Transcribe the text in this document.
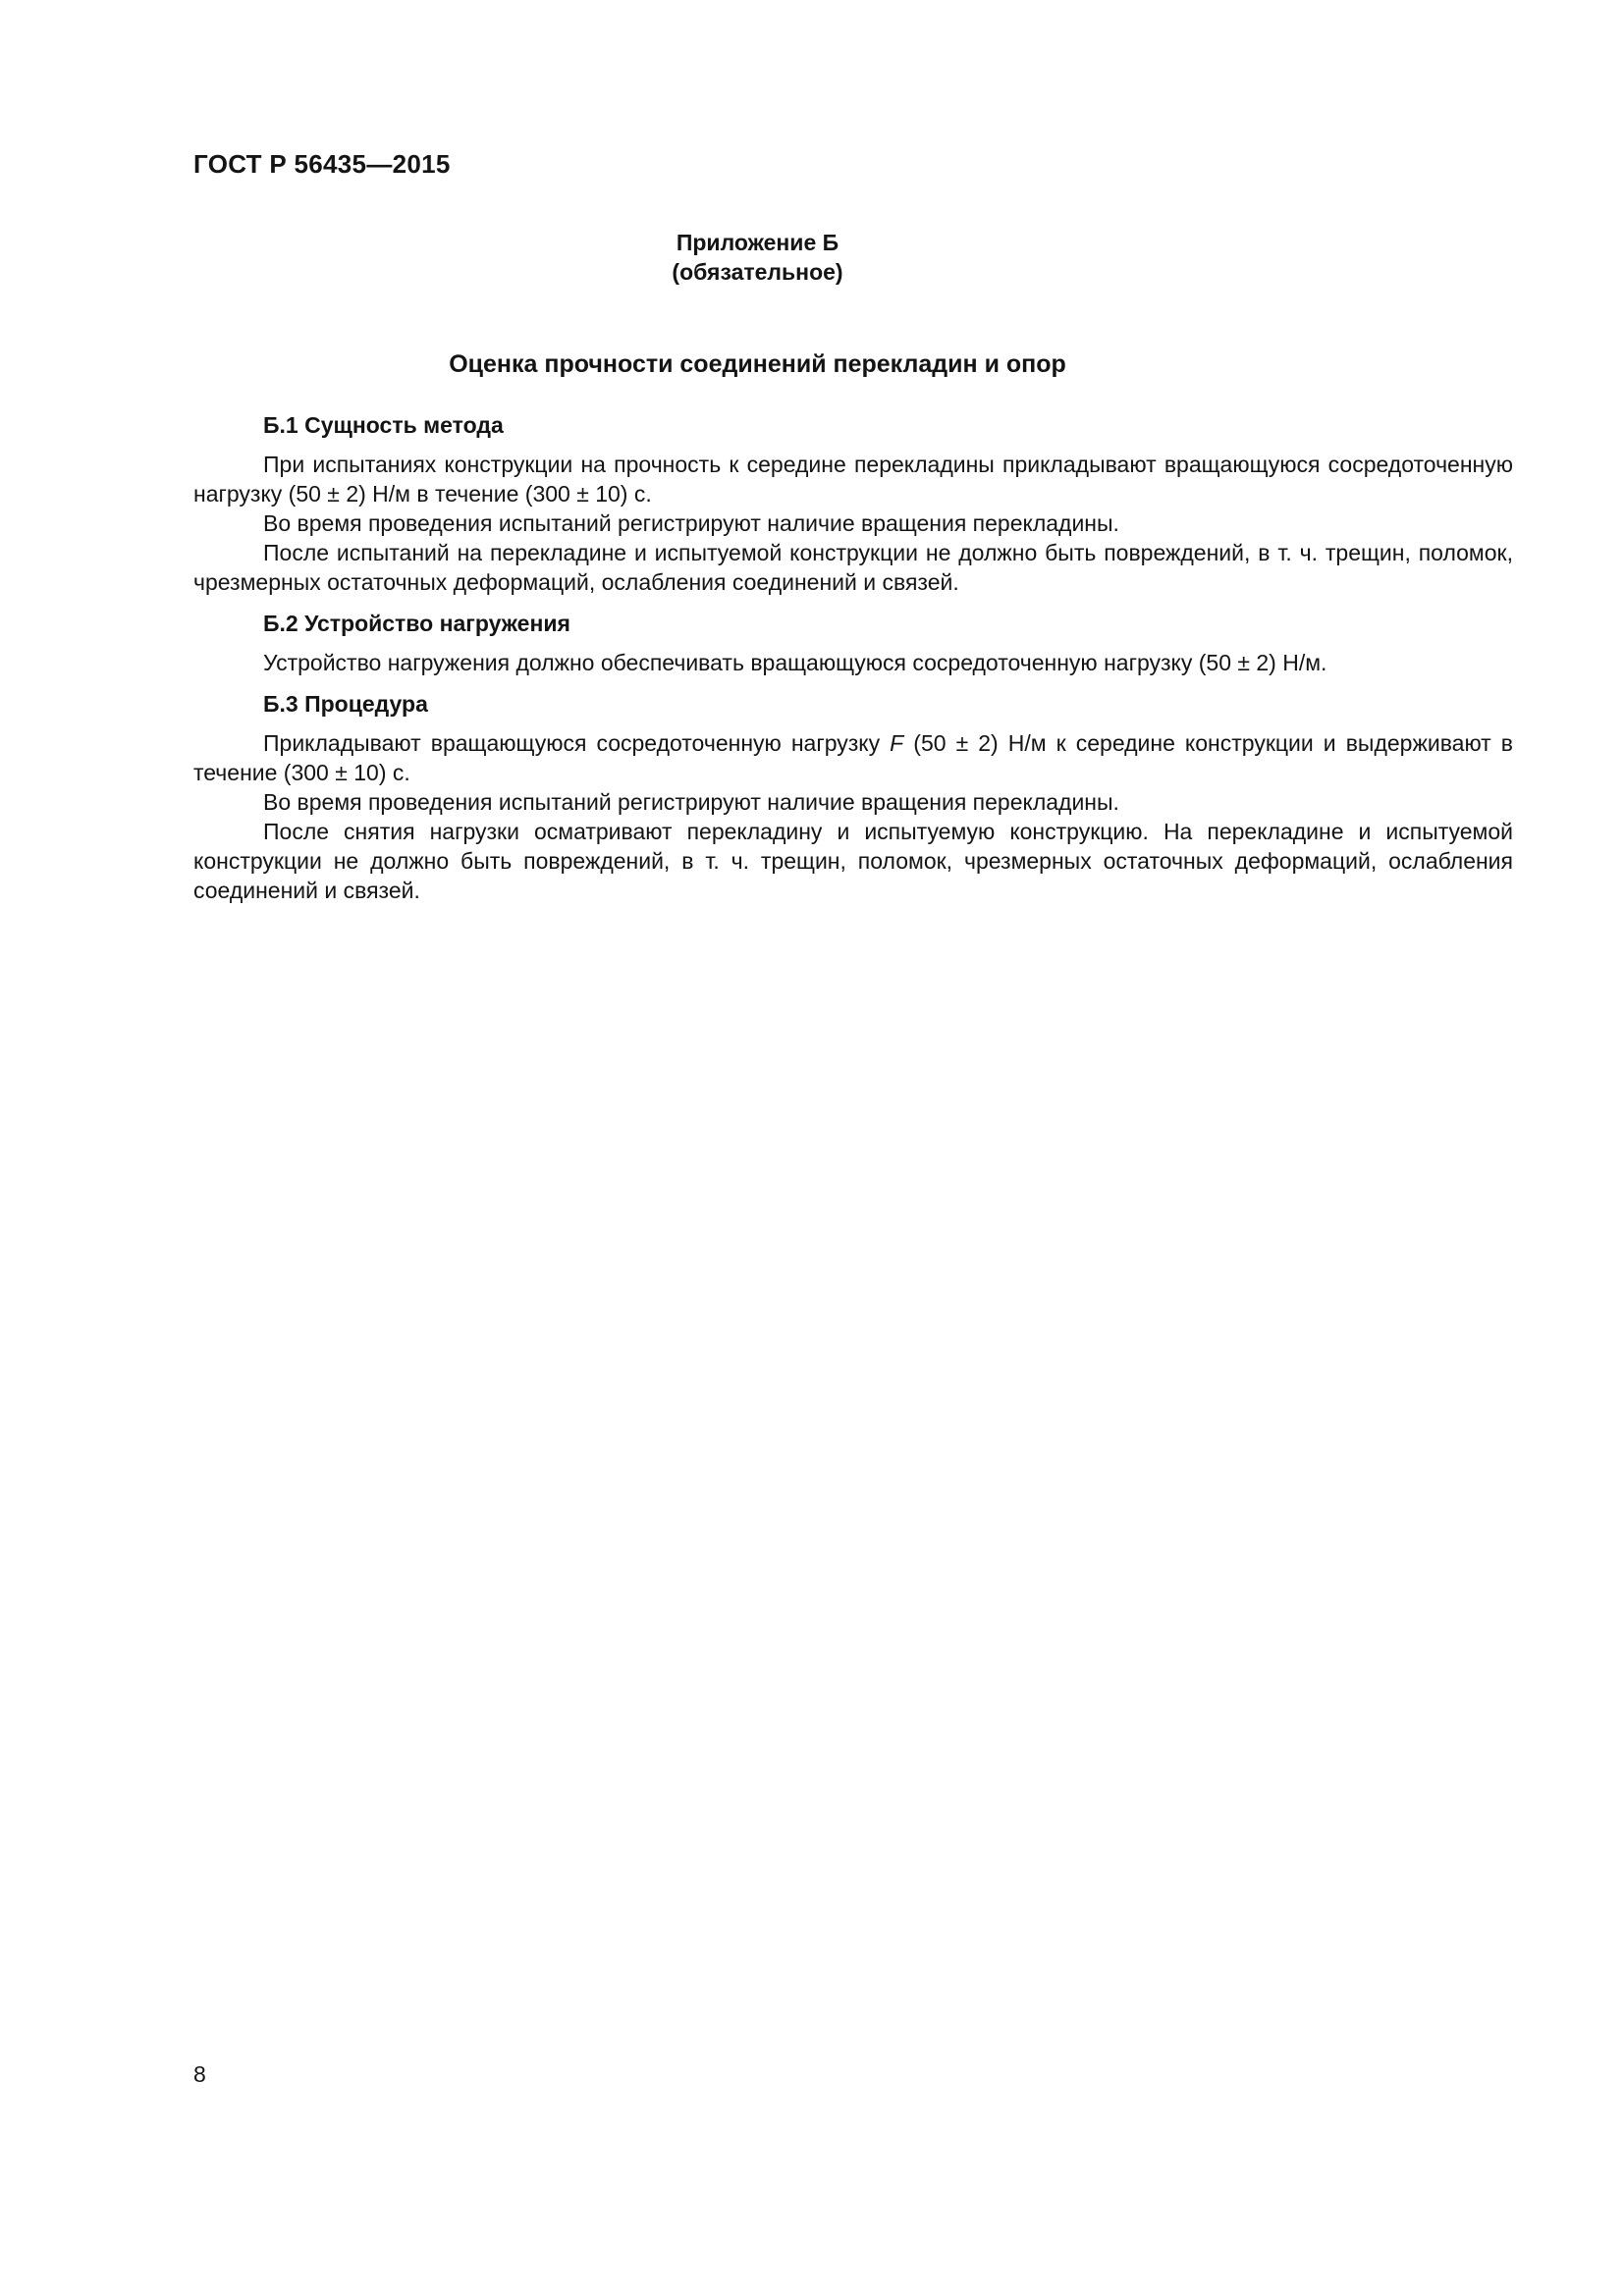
ГОСТ Р 56435—2015
Приложение Б
(обязательное)
Оценка прочности соединений перекладин и опор
Б.1 Сущность метода

При испытаниях конструкции на прочность к середине перекладины прикладывают вращающуюся сосредоточенную нагрузку (50 ± 2) Н/м в течение (300 ± 10) с.

Во время проведения испытаний регистрируют наличие вращения перекладины.

После испытаний на перекладине и испытуемой конструкции не должно быть повреждений, в т. ч. трещин, поломок, чрезмерных остаточных деформаций, ослабления соединений и связей.

Б.2 Устройство нагружения

Устройство нагружения должно обеспечивать вращающуюся сосредоточенную нагрузку (50 ± 2) Н/м.

Б.3 Процедура

Прикладывают вращающуюся сосредоточенную нагрузку F (50 ± 2) Н/м к середине конструкции и выдерживают в течение (300 ± 10) с.

Во время проведения испытаний регистрируют наличие вращения перекладины.

После снятия нагрузки осматривают перекладину и испытуемую конструкцию. На перекладине и испытуемой конструкции не должно быть повреждений, в т. ч. трещин, поломок, чрезмерных остаточных деформаций, ослабления соединений и связей.

8
